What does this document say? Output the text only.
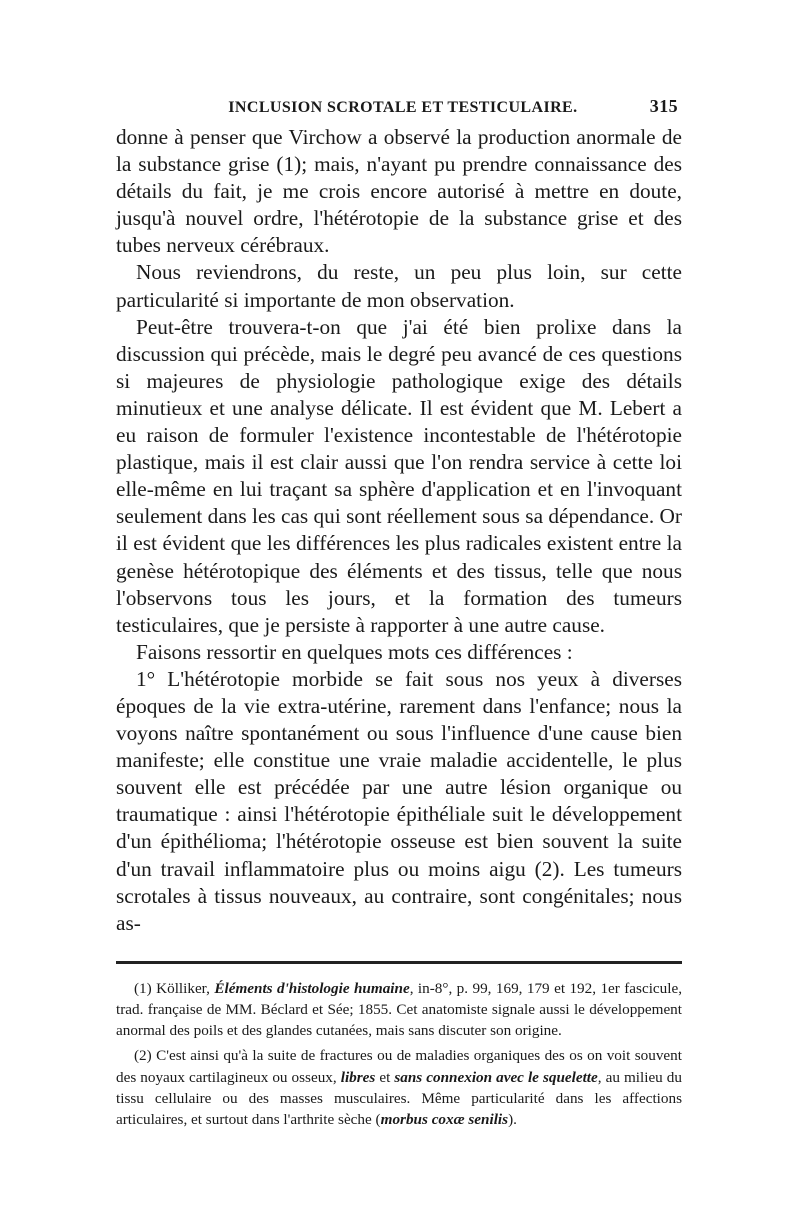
INCLUSION SCROTALE ET TESTICULAIRE.	315

donne à penser que Virchow a observé la production anormale de la substance grise (1); mais, n'ayant pu prendre connaissance des détails du fait, je me crois encore autorisé à mettre en doute, jusqu'à nouvel ordre, l'hétérotopie de la substance grise et des tubes nerveux cérébraux.

Nous reviendrons, du reste, un peu plus loin, sur cette particularité si importante de mon observation.

Peut-être trouvera-t-on que j'ai été bien prolixe dans la discussion qui précède, mais le degré peu avancé de ces questions si majeures de physiologie pathologique exige des détails minutieux et une analyse délicate. Il est évident que M. Lebert a eu raison de formuler l'existence incontestable de l'hétérotopie plastique, mais il est clair aussi que l'on rendra service à cette loi elle-même en lui traçant sa sphère d'application et en l'invoquant seulement dans les cas qui sont réellement sous sa dépendance. Or il est évident que les différences les plus radicales existent entre la genèse hétérotopique des éléments et des tissus, telle que nous l'observons tous les jours, et la formation des tumeurs testiculaires, que je persiste à rapporter à une autre cause.

Faisons ressortir en quelques mots ces différences :

1° L'hétérotopie morbide se fait sous nos yeux à diverses époques de la vie extra-utérine, rarement dans l'enfance; nous la voyons naître spontanément ou sous l'influence d'une cause bien manifeste; elle constitue une vraie maladie accidentelle, le plus souvent elle est précédée par une autre lésion organique ou traumatique : ainsi l'hétérotopie épithéliale suit le développement d'un épithélioma; l'hétérotopie osseuse est bien souvent la suite d'un travail inflammatoire plus ou moins aigu (2). Les tumeurs scrotales à tissus nouveaux, au contraire, sont congénitales; nous as-

(1) Kölliker, Éléments d'histologie humaine, in-8°, p. 99, 169, 179 et 192, 1er fascicule, trad. française de MM. Béclard et Sée; 1855. Cet anatomiste signale aussi le développement anormal des poils et des glandes cutanées, mais sans discuter son origine.

(2) C'est ainsi qu'à la suite de fractures ou de maladies organiques des os on voit souvent des noyaux cartilagineux ou osseux, libres et sans connexion avec le squelette, au milieu du tissu cellulaire ou des masses musculaires. Même particularité dans les affections articulaires, et surtout dans l'arthrite sèche (morbus coxæ senilis).
